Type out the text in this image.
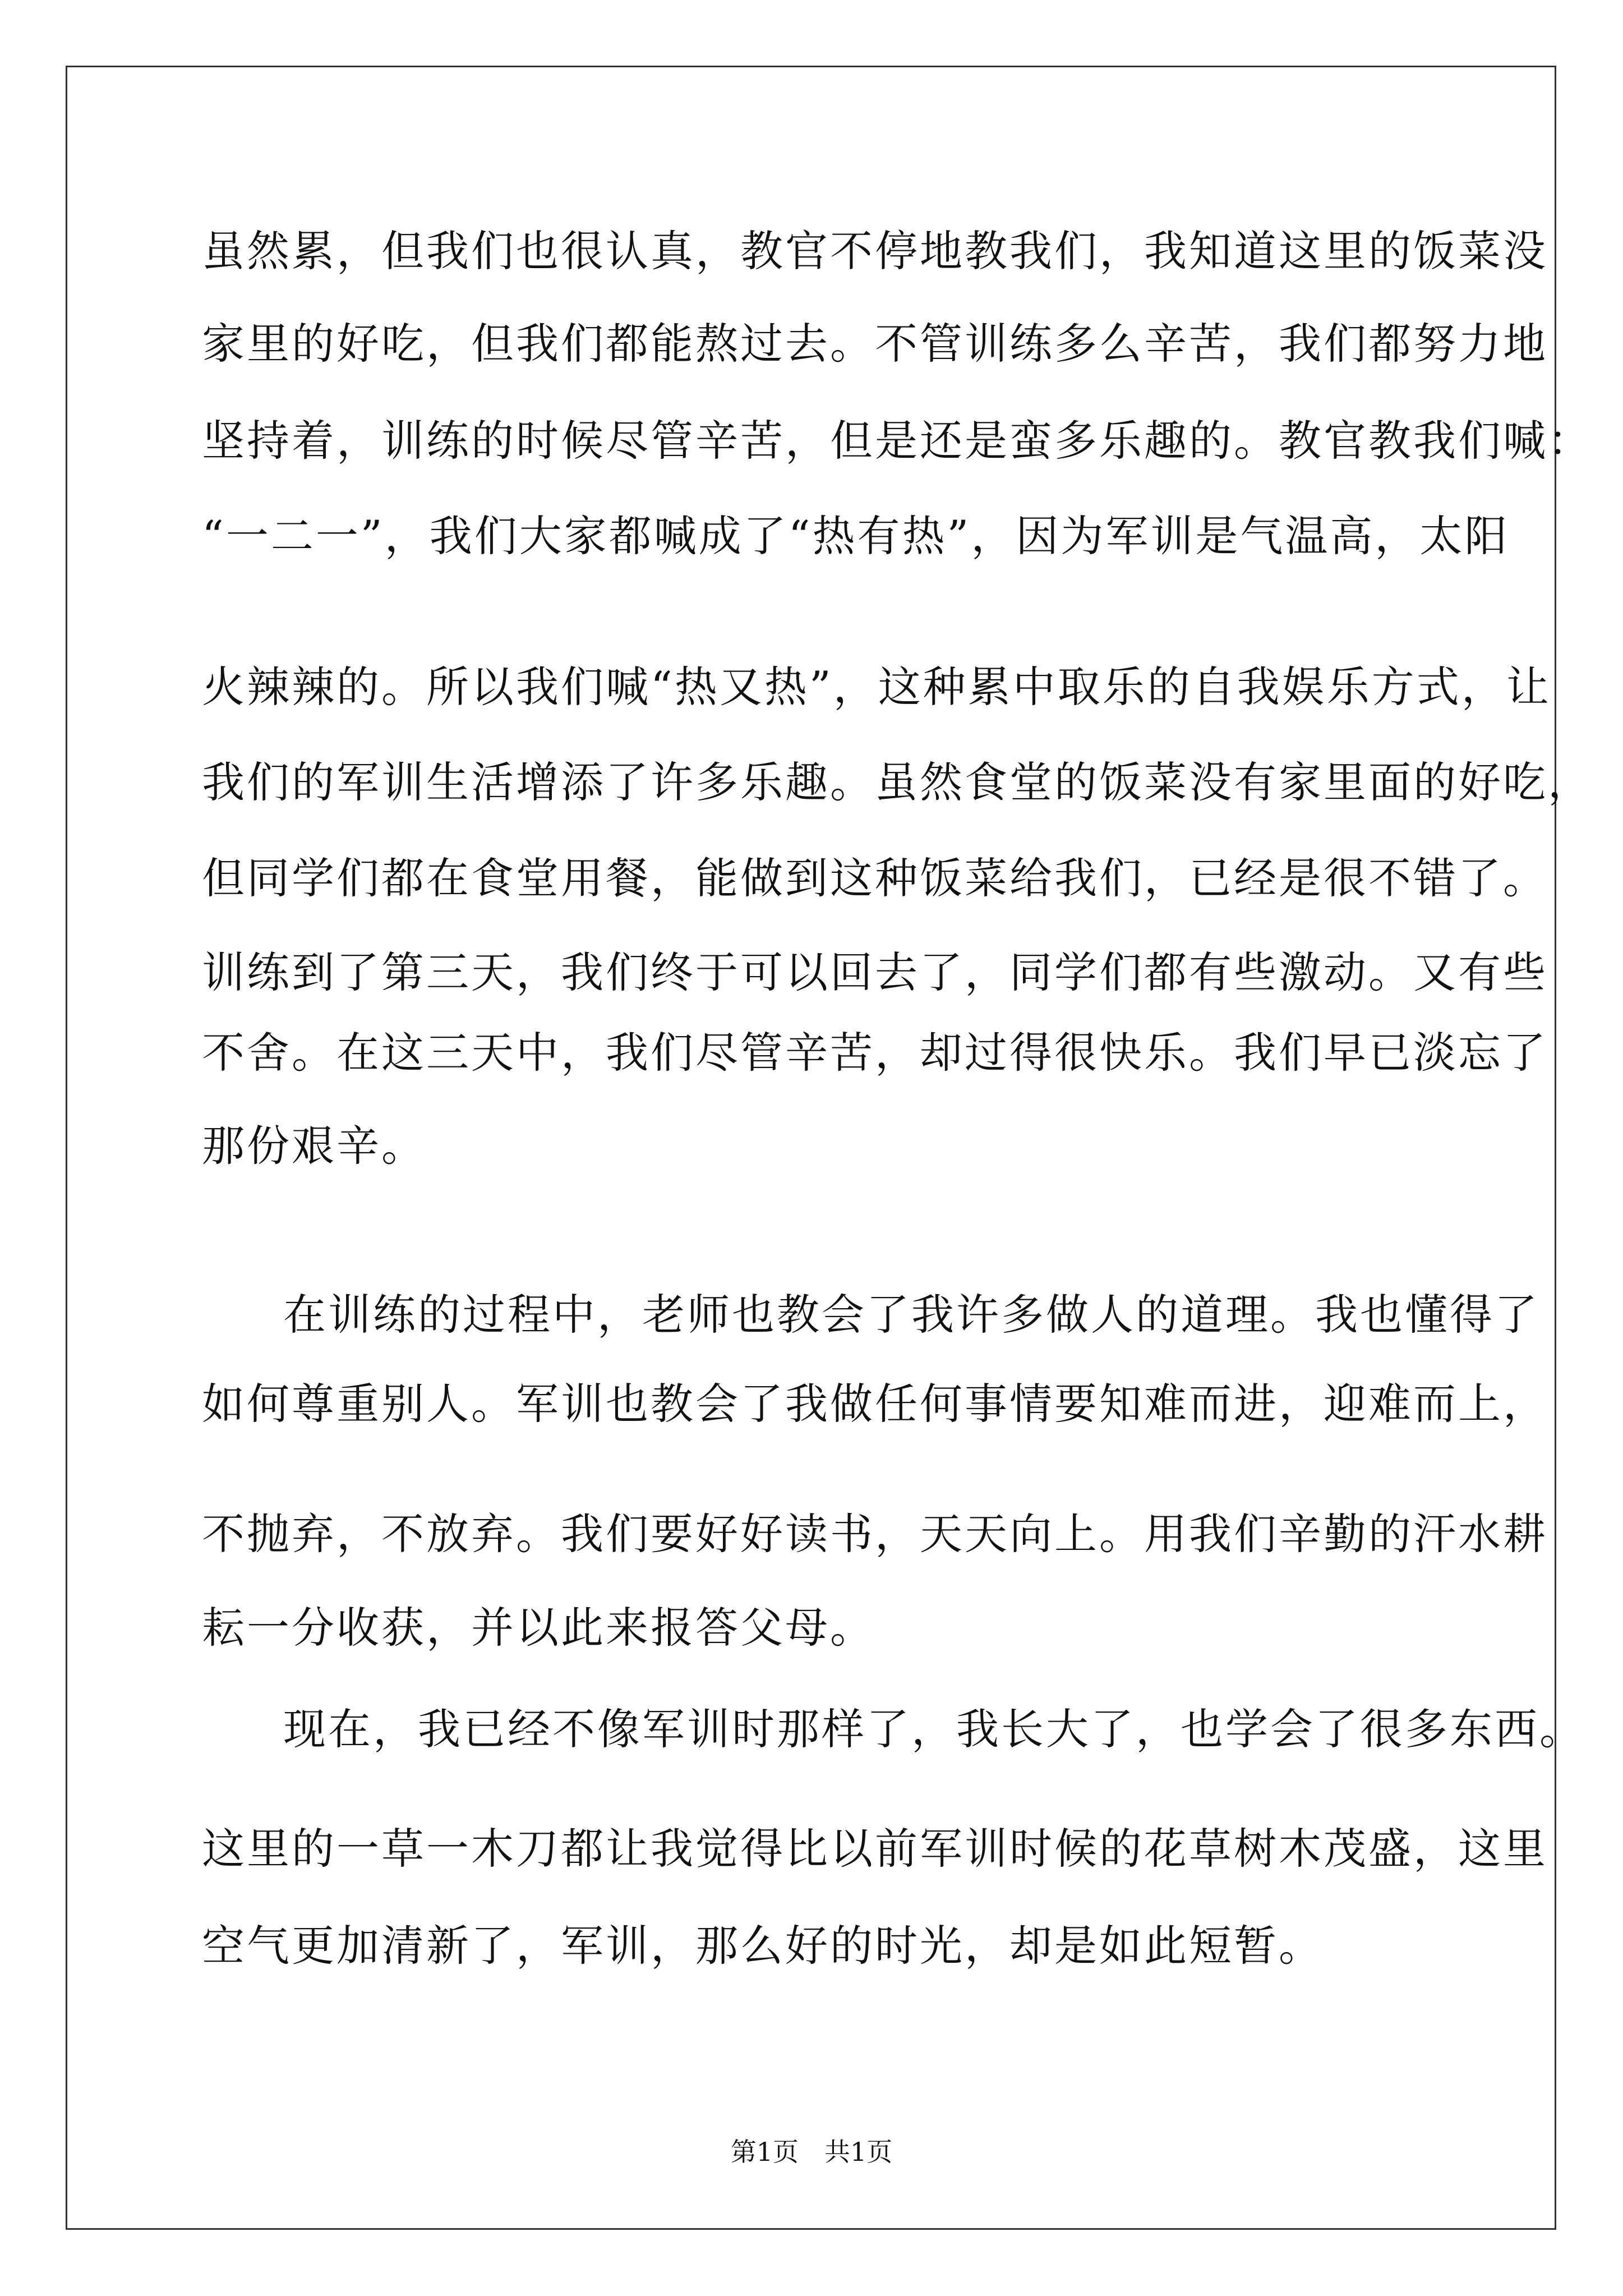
虽然累，但我们也很认真，教官不停地教我们，我知道这里的饭菜没
家里的好吃，但我们都能熬过去。不管训练多么辛苦，我们都努力地
坚持着，训练的时候尽管辛苦，但是还是蛮多乐趣的。教官教我们喊：
“一二一”，我们大家都喊成了“热有热”，因为军训是气温高，太阳
火辣辣的。所以我们喊“热又热”，这种累中取乐的自我娱乐方式，让
我们的军训生活增添了许多乐趣。虽然食堂的饭菜没有家里面的好吃，
但同学们都在食堂用餐，能做到这种饭菜给我们，已经是很不错了。
训练到了第三天，我们终于可以回去了，同学们都有些激动。又有些
不舍。在这三天中，我们尽管辛苦，却过得很快乐。我们早已淡忘了
那份艰辛。
在训练的过程中，老师也教会了我许多做人的道理。我也懂得了
如何尊重别人。军训也教会了我做任何事情要知难而进，迎难而上，
不抛弃，不放弃。我们要好好读书，天天向上。用我们辛勤的汗水耕
耘一分收获，并以此来报答父母。
现在，我已经不像军训时那样了，我长大了，也学会了很多东西。
这里的一草一木刀都让我觉得比以前军训时候的花草树木茂盛，这里
空气更加清新了，军训，那么好的时光，却是如此短暂。
第1页　共1页
